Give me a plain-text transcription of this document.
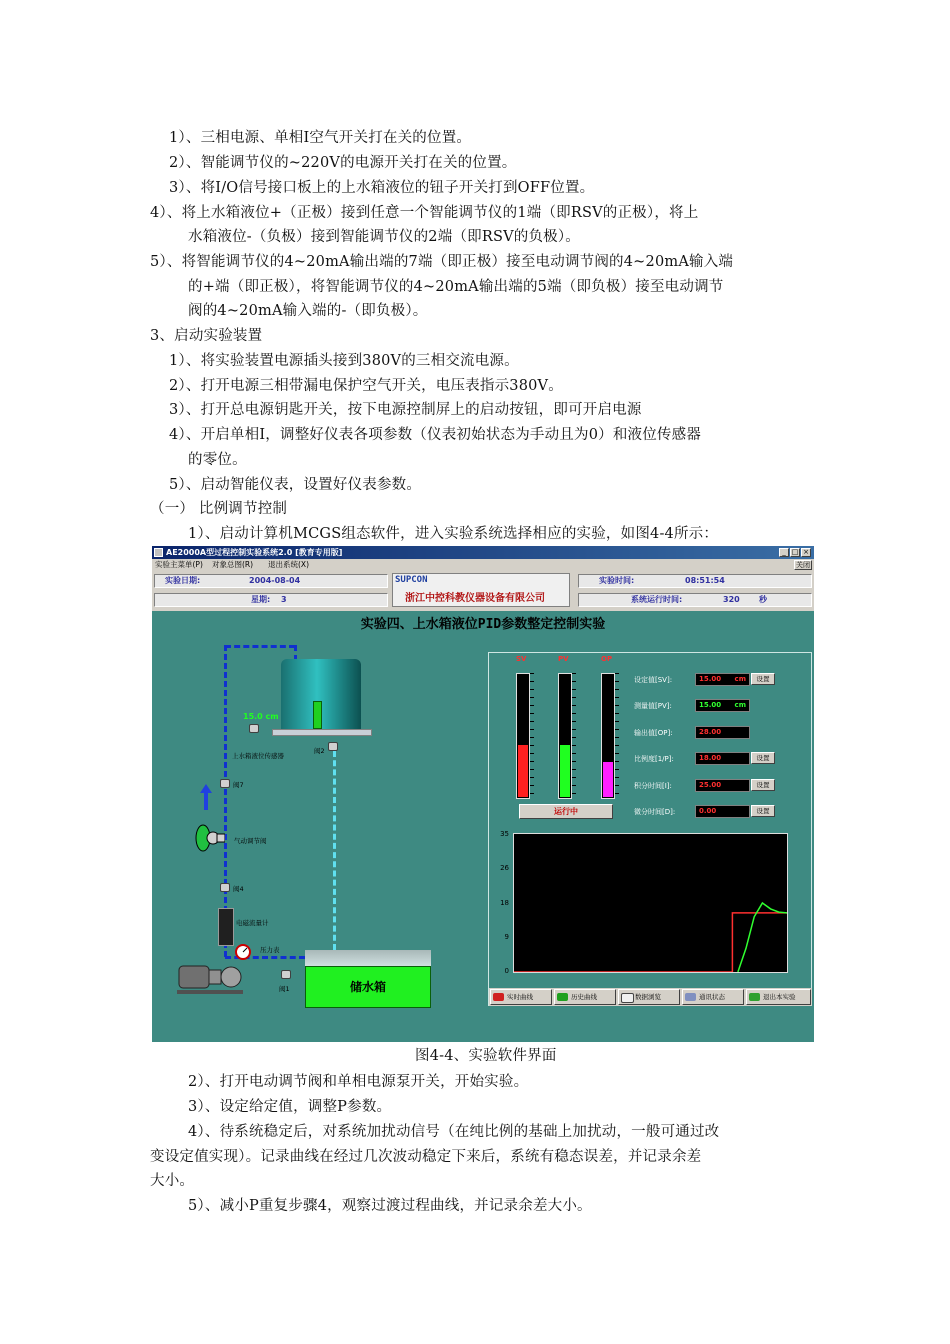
1）、三相电源、单相Ⅰ空气开关打在关的位置。
2）、智能调节仪的~220V的电源开关打在关的位置。
3）、将I/O信号接口板上的上水箱液位的钮子开关打到OFF位置。
4）、将上水箱液位+（正极）接到任意一个智能调节仪的1端（即RSV的正极），将上
水箱液位-（负极）接到智能调节仪的2端（即RSV的负极）。
5）、将智能调节仪的4~20mA输出端的7端（即正极）接至电动调节阀的4~20mA输入端
的+端（即正极），将智能调节仪的4~20mA输出端的5端（即负极）接至电动调节
阀的4~20mA输入端的-（即负极）。
3、启动实验装置
1）、将实验装置电源插头接到380V的三相交流电源。
2）、打开电源三相带漏电保护空气开关，电压表指示380V。
3）、打开总电源钥匙开关，按下电源控制屏上的启动按钮，即可开启电源
4）、开启单相Ⅰ，调整好仪表各项参数（仪表初始状态为手动且为0）和液位传感器
的零位。
5）、启动智能仪表，设置好仪表参数。
（一） 比例调节控制
1）、启动计算机MCGS组态软件，进入实验系统选择相应的实验，如图4-4所示：
AE2000A型过程控制实验系统2.0 [教育专用版]	_ □ ×
实验主菜单(P) 对象总图(R) 退出系统(X)	关闭
实验日期:	2004-08-04
星期: 3
实验时间:	08:51:54
系统运行时间:	320 秒
SUPCON
浙江中控科教仪器设备有限公司
实验四、上水箱液位PID参数整定控制实验
15.0 cm
上水箱液位传感器
阀2
阀7
气动调节阀
阀4
电磁流量计
压力表
阀1	储水箱
SV	PV	OP
运行中
35
26
18
9
0
实时曲线	历史曲线	数据浏览	通讯状态	退出本实验
设定值[SV]:	15.00 cm	设置
测量值[PV]:	15.00 cm
输出值[OP]:	28.00
比例度[1/P]:	18.00	设置
积分时间[I]:	25.00	设置
微分时间[D]:	0.00	设置
图4-4、实验软件界面
2）、打开电动调节阀和单相电源泵开关，开始实验。
3）、设定给定值，调整P参数。
4）、待系统稳定后，对系统加扰动信号（在纯比例的基础上加扰动，一般可通过改
变设定值实现）。记录曲线在经过几次波动稳定下来后，系统有稳态误差，并记录余差
大小。
5）、减小P重复步骤4，观察过渡过程曲线，并记录余差大小。
